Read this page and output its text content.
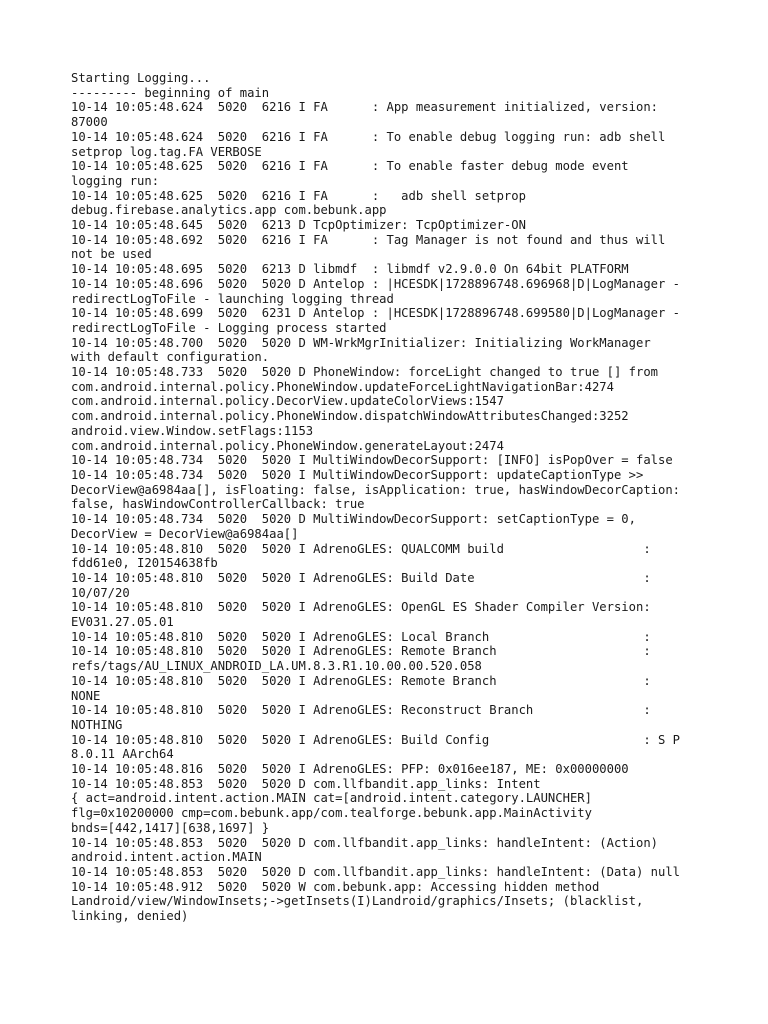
Starting Logging...
--------- beginning of main
10-14 10:05:48.624  5020  6216 I FA      : App measurement initialized, version:
87000
10-14 10:05:48.624  5020  6216 I FA      : To enable debug logging run: adb shell
setprop log.tag.FA VERBOSE
10-14 10:05:48.625  5020  6216 I FA      : To enable faster debug mode event
logging run:
10-14 10:05:48.625  5020  6216 I FA      :   adb shell setprop
debug.firebase.analytics.app com.bebunk.app
10-14 10:05:48.645  5020  6213 D TcpOptimizer: TcpOptimizer-ON
10-14 10:05:48.692  5020  6216 I FA      : Tag Manager is not found and thus will
not be used
10-14 10:05:48.695  5020  6213 D libmdf  : libmdf v2.9.0.0 On 64bit PLATFORM
10-14 10:05:48.696  5020  5020 D Antelop : |HCESDK|1728896748.696968|D|LogManager -
redirectLogToFile - launching logging thread
10-14 10:05:48.699  5020  6231 D Antelop : |HCESDK|1728896748.699580|D|LogManager -
redirectLogToFile - Logging process started
10-14 10:05:48.700  5020  5020 D WM-WrkMgrInitializer: Initializing WorkManager
with default configuration.
10-14 10:05:48.733  5020  5020 D PhoneWindow: forceLight changed to true [] from
com.android.internal.policy.PhoneWindow.updateForceLightNavigationBar:4274
com.android.internal.policy.DecorView.updateColorViews:1547
com.android.internal.policy.PhoneWindow.dispatchWindowAttributesChanged:3252
android.view.Window.setFlags:1153
com.android.internal.policy.PhoneWindow.generateLayout:2474
10-14 10:05:48.734  5020  5020 I MultiWindowDecorSupport: [INFO] isPopOver = false
10-14 10:05:48.734  5020  5020 I MultiWindowDecorSupport: updateCaptionType >>
DecorView@a6984aa[], isFloating: false, isApplication: true, hasWindowDecorCaption:
false, hasWindowControllerCallback: true
10-14 10:05:48.734  5020  5020 D MultiWindowDecorSupport: setCaptionType = 0,
DecorView = DecorView@a6984aa[]
10-14 10:05:48.810  5020  5020 I AdrenoGLES: QUALCOMM build                   :
fdd61e0, I20154638fb
10-14 10:05:48.810  5020  5020 I AdrenoGLES: Build Date                       :
10/07/20
10-14 10:05:48.810  5020  5020 I AdrenoGLES: OpenGL ES Shader Compiler Version:
EV031.27.05.01
10-14 10:05:48.810  5020  5020 I AdrenoGLES: Local Branch                     :
10-14 10:05:48.810  5020  5020 I AdrenoGLES: Remote Branch                    :
refs/tags/AU_LINUX_ANDROID_LA.UM.8.3.R1.10.00.00.520.058
10-14 10:05:48.810  5020  5020 I AdrenoGLES: Remote Branch                    :
NONE
10-14 10:05:48.810  5020  5020 I AdrenoGLES: Reconstruct Branch               :
NOTHING
10-14 10:05:48.810  5020  5020 I AdrenoGLES: Build Config                     : S P
8.0.11 AArch64
10-14 10:05:48.816  5020  5020 I AdrenoGLES: PFP: 0x016ee187, ME: 0x00000000
10-14 10:05:48.853  5020  5020 D com.llfbandit.app_links: Intent
{ act=android.intent.action.MAIN cat=[android.intent.category.LAUNCHER]
flg=0x10200000 cmp=com.bebunk.app/com.tealforge.bebunk.app.MainActivity
bnds=[442,1417][638,1697] }
10-14 10:05:48.853  5020  5020 D com.llfbandit.app_links: handleIntent: (Action)
android.intent.action.MAIN
10-14 10:05:48.853  5020  5020 D com.llfbandit.app_links: handleIntent: (Data) null
10-14 10:05:48.912  5020  5020 W com.bebunk.app: Accessing hidden method
Landroid/view/WindowInsets;->getInsets(I)Landroid/graphics/Insets; (blacklist,
linking, denied)
